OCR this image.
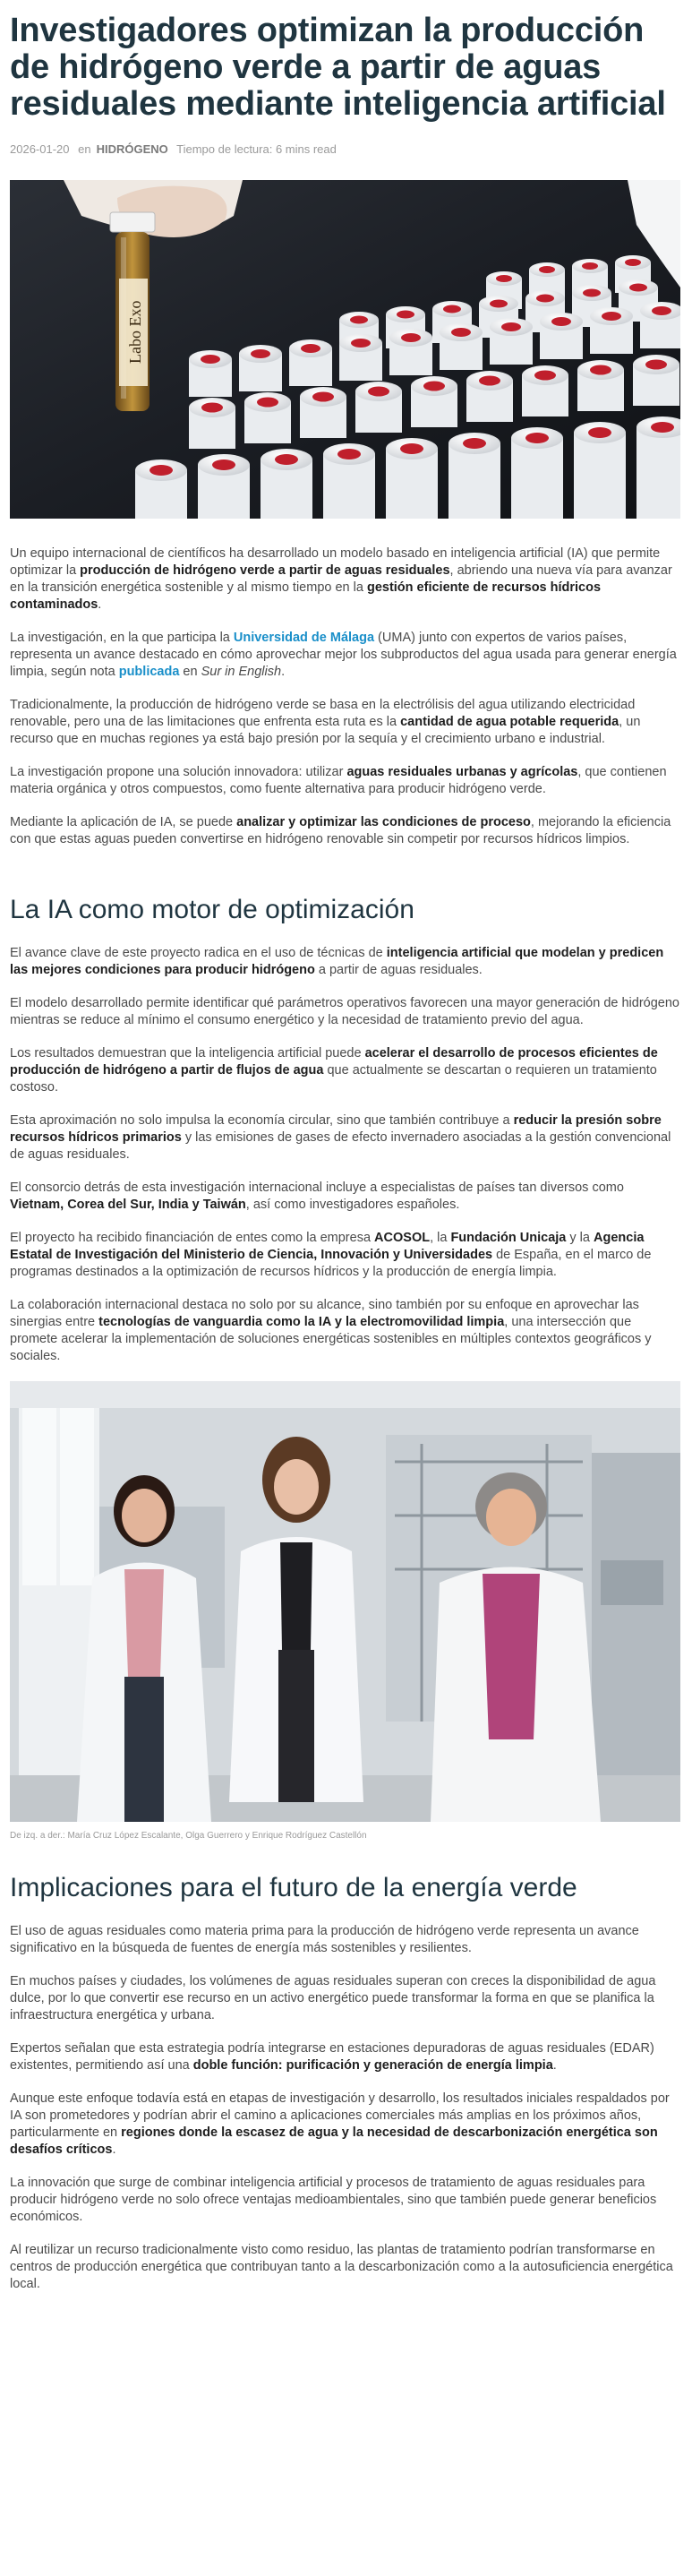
Investigadores optimizan la producción de hidrógeno verde a partir de aguas residuales mediante inteligencia artificial
2026-01-20 en HIDRÓGENO Tiempo de lectura: 6 mins read
Labo Exo

Un equipo internacional de científicos ha desarrollado un modelo basado en inteligencia artificial (IA) que permite optimizar la producción de hidrógeno verde a partir de aguas residuales, abriendo una nueva vía para avanzar en la transición energética sostenible y al mismo tiempo en la gestión eficiente de recursos hídricos contaminados.

La investigación, en la que participa la Universidad de Málaga (UMA) junto con expertos de varios países, representa un avance destacado en cómo aprovechar mejor los subproductos del agua usada para generar energía limpia, según nota publicada en Sur in English.

Tradicionalmente, la producción de hidrógeno verde se basa en la electrólisis del agua utilizando electricidad renovable, pero una de las limitaciones que enfrenta esta ruta es la cantidad de agua potable requerida, un recurso que en muchas regiones ya está bajo presión por la sequía y el crecimiento urbano e industrial.

La investigación propone una solución innovadora: utilizar aguas residuales urbanas y agrícolas, que contienen materia orgánica y otros compuestos, como fuente alternativa para producir hidrógeno verde.

Mediante la aplicación de IA, se puede analizar y optimizar las condiciones de proceso, mejorando la eficiencia con que estas aguas pueden convertirse en hidrógeno renovable sin competir por recursos hídricos limpios.

La IA como motor de optimización

El avance clave de este proyecto radica en el uso de técnicas de inteligencia artificial que modelan y predicen las mejores condiciones para producir hidrógeno a partir de aguas residuales.

El modelo desarrollado permite identificar qué parámetros operativos favorecen una mayor generación de hidrógeno mientras se reduce al mínimo el consumo energético y la necesidad de tratamiento previo del agua.

Los resultados demuestran que la inteligencia artificial puede acelerar el desarrollo de procesos eficientes de producción de hidrógeno a partir de flujos de agua que actualmente se descartan o requieren un tratamiento costoso.

Esta aproximación no solo impulsa la economía circular, sino que también contribuye a reducir la presión sobre recursos hídricos primarios y las emisiones de gases de efecto invernadero asociadas a la gestión convencional de aguas residuales.

El consorcio detrás de esta investigación internacional incluye a especialistas de países tan diversos como Vietnam, Corea del Sur, India y Taiwán, así como investigadores españoles.

El proyecto ha recibido financiación de entes como la empresa ACOSOL, la Fundación Unicaja y la Agencia Estatal de Investigación del Ministerio de Ciencia, Innovación y Universidades de España, en el marco de programas destinados a la optimización de recursos hídricos y la producción de energía limpia.

La colaboración internacional destaca no solo por su alcance, sino también por su enfoque en aprovechar las sinergias entre tecnologías de vanguardia como la IA y la electromovilidad limpia, una intersección que promete acelerar la implementación de soluciones energéticas sostenibles en múltiples contextos geográficos y sociales.

De izq. a der.: María Cruz López Escalante, Olga Guerrero y Enrique Rodríguez Castellón

Implicaciones para el futuro de la energía verde

El uso de aguas residuales como materia prima para la producción de hidrógeno verde representa un avance significativo en la búsqueda de fuentes de energía más sostenibles y resilientes.

En muchos países y ciudades, los volúmenes de aguas residuales superan con creces la disponibilidad de agua dulce, por lo que convertir ese recurso en un activo energético puede transformar la forma en que se planifica la infraestructura energética y urbana.

Expertos señalan que esta estrategia podría integrarse en estaciones depuradoras de aguas residuales (EDAR) existentes, permitiendo así una doble función: purificación y generación de energía limpia.

Aunque este enfoque todavía está en etapas de investigación y desarrollo, los resultados iniciales respaldados por IA son prometedores y podrían abrir el camino a aplicaciones comerciales más amplias en los próximos años, particularmente en regiones donde la escasez de agua y la necesidad de descarbonización energética son desafíos críticos.

La innovación que surge de combinar inteligencia artificial y procesos de tratamiento de aguas residuales para producir hidrógeno verde no solo ofrece ventajas medioambientales, sino que también puede generar beneficios económicos.

Al reutilizar un recurso tradicionalmente visto como residuo, las plantas de tratamiento podrían transformarse en centros de producción energética que contribuyan tanto a la descarbonización como a la autosuficiencia energética local.
